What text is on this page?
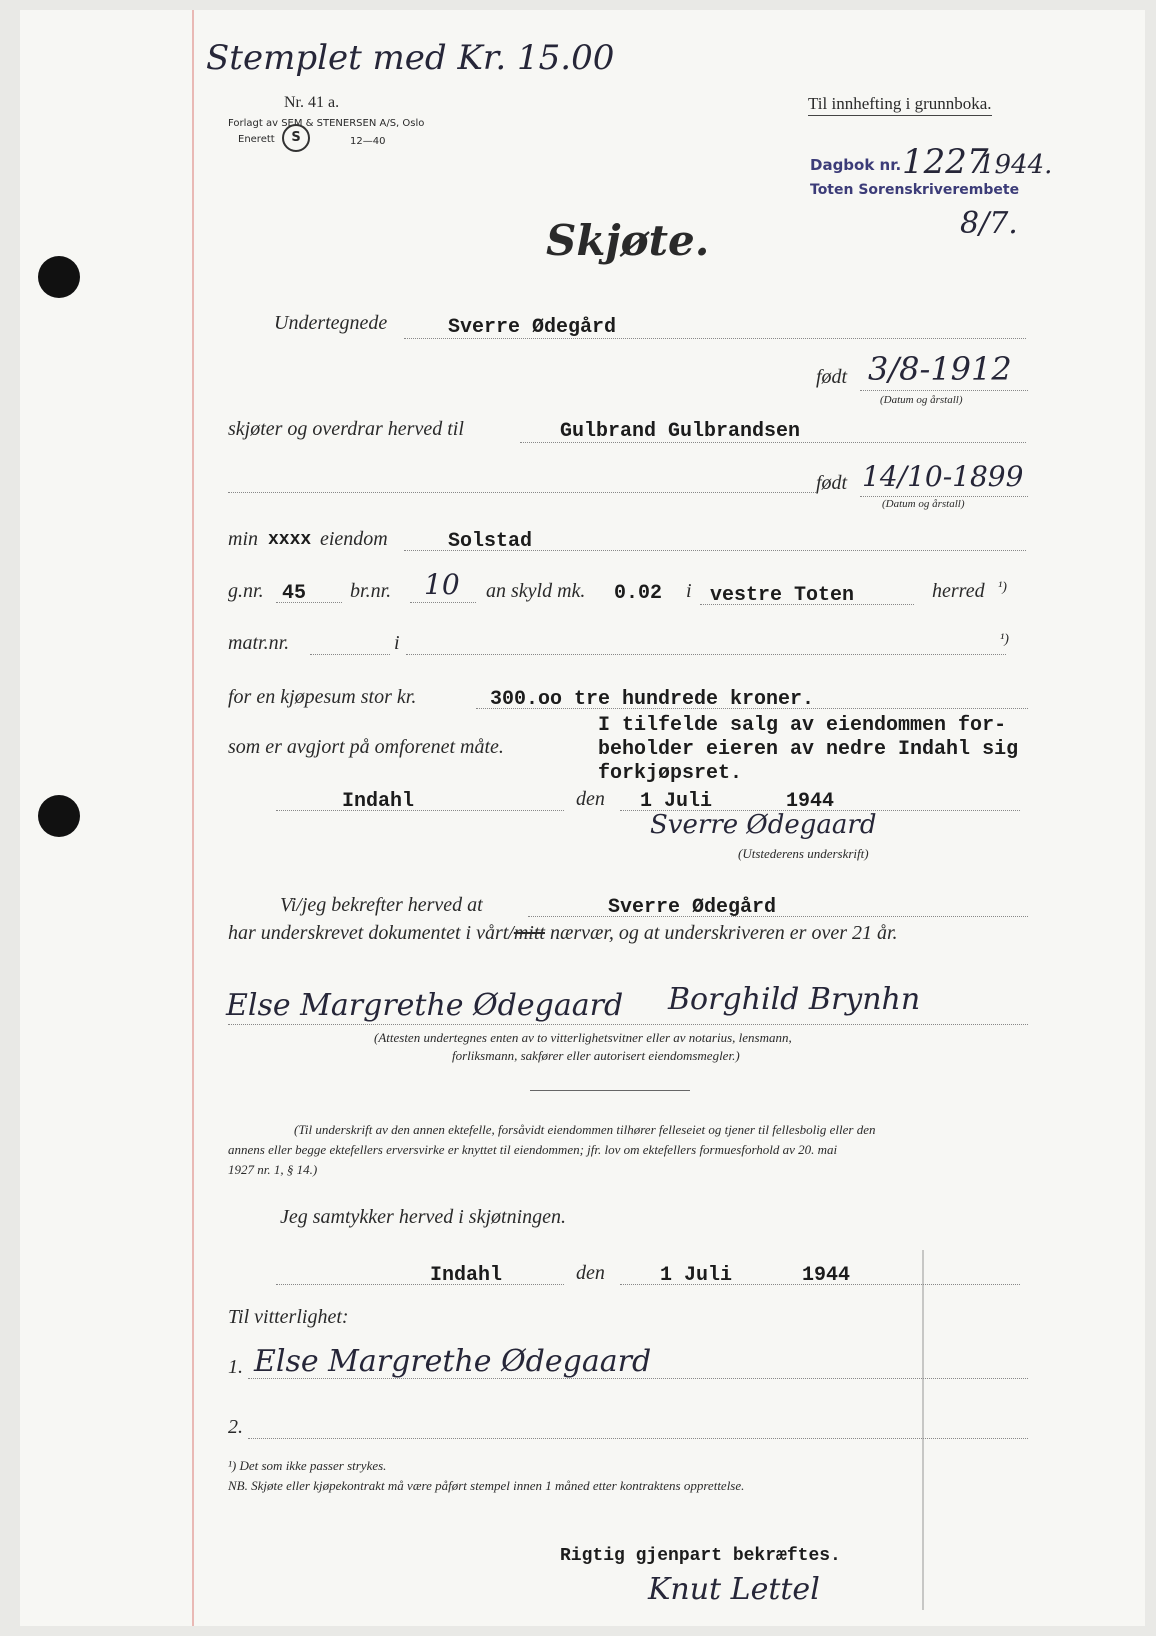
Stemplet med Kr. 15.00
Nr. 41 a.
Forlagt av SEM & STENERSEN A/S, Oslo
Enerett	S	12—40
Til innhefting i grunnboka.
Dagbok nr. 1227
1944.
Toten Sorenskriverembete
8/7.
Skjøte.
Undertegnede	Sverre Ødegård
født 3/8-1912
(Datum og årstall)
skjøter og overdrar herved til	Gulbrand Gulbrandsen
født 14/10-1899
(Datum og årstall)
min xxxx eiendom	Solstad
g.nr. 45 br.nr. 10 an skyld mk. 0.02 i vestre Toten	herred ¹)
matr.nr.	i	¹)
for en kjøpesum stor kr.	300.oo tre hundrede kroner.
som er avgjort på omforenet måte.
I tilfelde salg av eiendommen for-
beholder eieren av nedre Indahl sig
forkjøpsret.
Indahl	den 1 Juli	1944
Sverre Ødegaard
(Utstederens underskrift)
Vi/jeg bekrefter herved at	Sverre Ødegård
har underskrevet dokumentet i vårt/mitt nærvær, og at underskriveren er over 21 år.
Else Margrethe Ødegaard Borghild Brynhn
(Attesten undertegnes enten av to vitterlighetsvitner eller av notarius, lensmann,
forliksmann, sakfører eller autorisert eiendomsmegler.)
(Til underskrift av den annen ektefelle, forsåvidt eiendommen tilhører felleseiet og tjener til fellesbolig eller den
annens eller begge ektefellers erversvirke er knyttet til eiendommen; jfr. lov om ektefellers formuesforhold av 20. mai
1927 nr. 1, § 14.)
Jeg samtykker herved i skjøtningen.
Indahl	den	1 Juli	1944
Til vitterlighet:
1. Else Margrethe Ødegaard
2.
¹) Det som ikke passer strykes.
NB. Skjøte eller kjøpekontrakt må være påført stempel innen 1 måned etter kontraktens opprettelse.
Rigtig gjenpart bekræftes.
Knut Lettel
